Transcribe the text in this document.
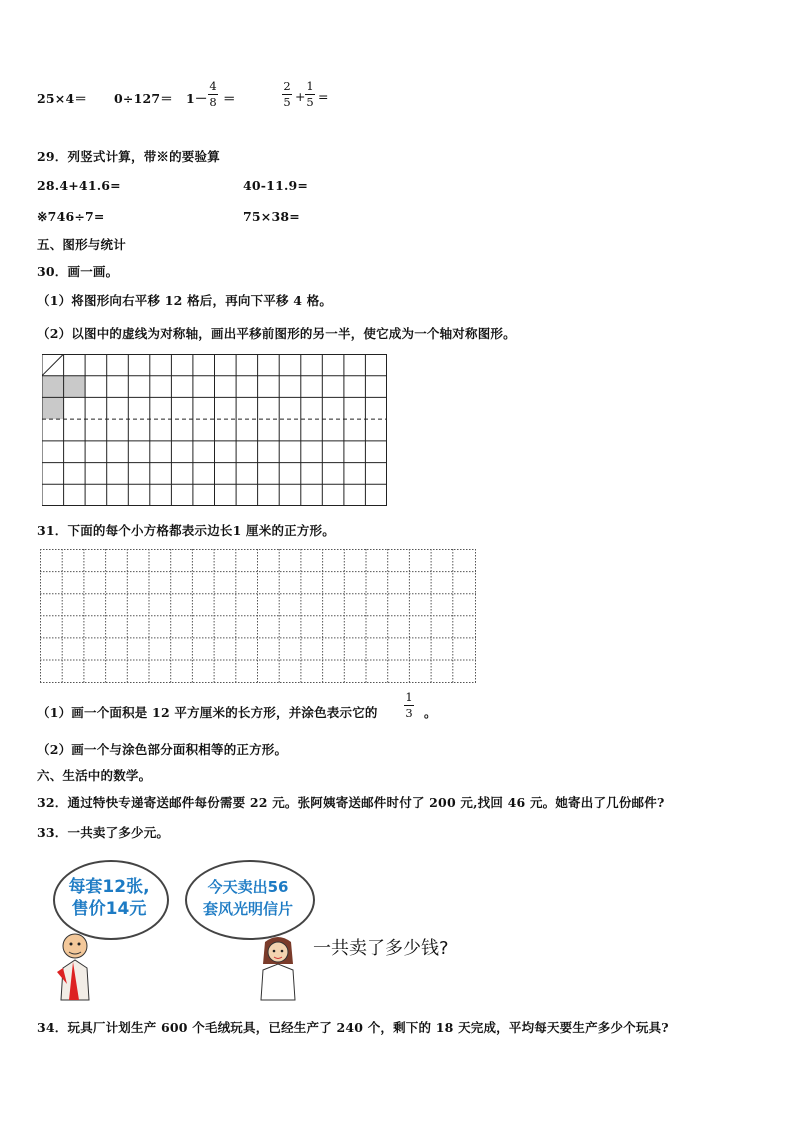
25×4＝ 0÷127＝ 1－
4
8 ＝
2
5 +
1
5 =
29．列竖式计算，带※的要验算
28.4+41.6=	40-11.9=
※746÷7=	75×38=
五、图形与统计
30．画一画。
（1）将图形向右平移 12 格后，再向下平移 4 格。
（2）以图中的虚线为对称轴，画出平移前图形的另一半，使它成为一个轴对称图形。
31．下面的每个小方格都表示边长1 厘米的正方形。
（1）画一个面积是 12 平方厘米的长方形，并涂色表示它的
1
3 。
（2）画一个与涂色部分面积相等的正方形。
六、生活中的数学。
32．通过特快专递寄送邮件每份需要 22 元。张阿姨寄送邮件时付了 200 元,找回 46 元。她寄出了几份邮件?
33．一共卖了多少元。
每套12张,
售价14元
今天卖出56
套风光明信片
一共卖了多少钱?
34．玩具厂计划生产 600 个毛绒玩具，已经生产了 240 个，剩下的 18 天完成，平均每天要生产多少个玩具?
